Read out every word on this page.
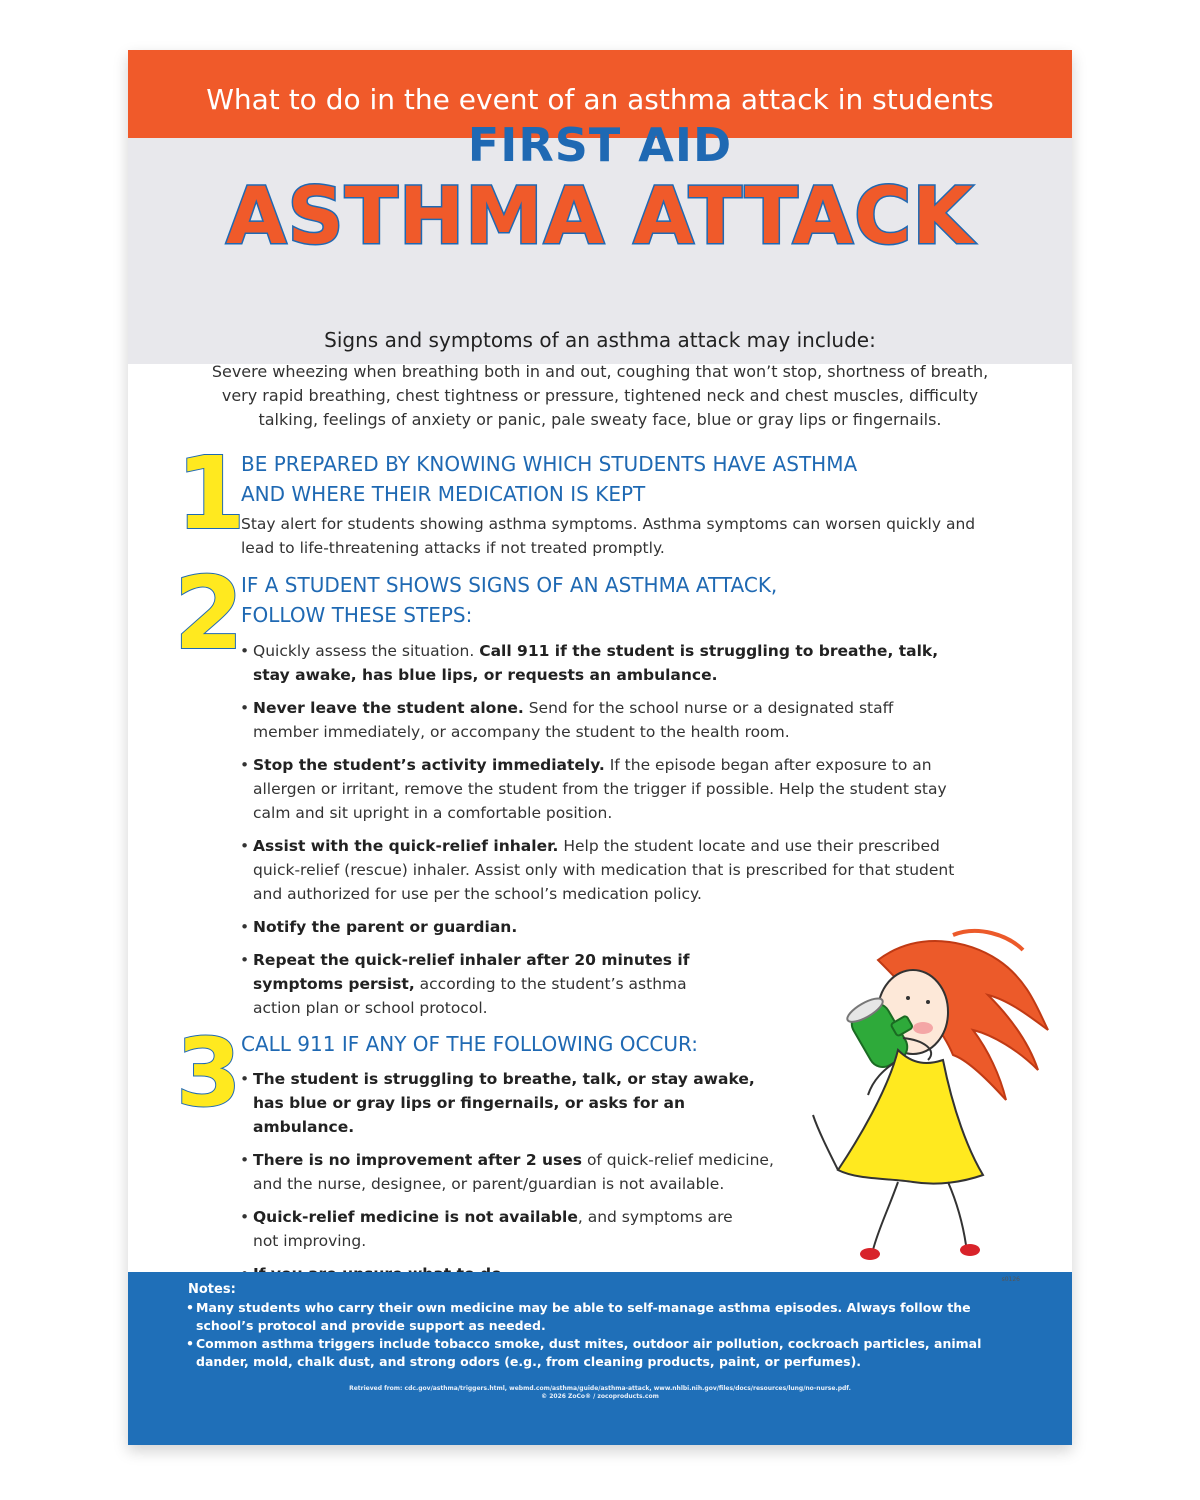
What to do in the event of an asthma attack in students
FIRST AID
ASTHMA ATTACK
Signs and symptoms of an asthma attack may include:
Severe wheezing when breathing both in and out, coughing that won’t stop, shortness of breath, very rapid breathing, chest tightness or pressure, tightened neck and chest muscles, difficulty talking, feelings of anxiety or panic, pale sweaty face, blue or gray lips or fingernails.
1
BE PREPARED BY KNOWING WHICH STUDENTS HAVE ASTHMA
AND WHERE THEIR MEDICATION IS KEPT
Stay alert for students showing asthma symptoms. Asthma symptoms can worsen quickly and lead to life-threatening attacks if not treated promptly.
2
IF A STUDENT SHOWS SIGNS OF AN ASTHMA ATTACK,
FOLLOW THESE STEPS:
• Quickly assess the situation. Call 911 if the student is struggling to breathe, talk, stay awake, has blue lips, or requests an ambulance.
• Never leave the student alone. Send for the school nurse or a designated staff member immediately, or accompany the student to the health room.
• Stop the student’s activity immediately. If the episode began after exposure to an allergen or irritant, remove the student from the trigger if possible. Help the student stay calm and sit upright in a comfortable position.
• Assist with the quick-relief inhaler. Help the student locate and use their prescribed quick-relief (rescue) inhaler. Assist only with medication that is prescribed for that student and authorized for use per the school’s medication policy.
• Notify the parent or guardian.
• Repeat the quick-relief inhaler after 20 minutes if symptoms persist, according to the student’s asthma action plan or school protocol.
3 CALL 911 IF ANY OF THE FOLLOWING OCCUR:
• The student is struggling to breathe, talk, or stay awake, has blue or gray lips or fingernails, or asks for an ambulance.
• There is no improvement after 2 uses of quick-relief medicine, and the nurse, designee, or parent/guardian is not available.
• Quick-relief medicine is not available, and symptoms are not improving.
•
Notes:
• Many students who carry their own medicine may be able to self-manage asthma episodes. Always follow the school’s protocol and provide support as needed.
• Common asthma triggers include tobacco smoke, dust mites, outdoor air pollution, cockroach particles, animal dander, mold, chalk dust, and strong odors (e.g., from cleaning products, paint, or perfumes).
Retrieved from: cdc.gov/asthma/triggers.html, webmd.com/asthma/guide/asthma-attack, www.nhlbi.nih.gov/files/docs/resources/lung/no-nurse.pdf.
© 2026 ZoCo® / zocoproducts.com
s0126
